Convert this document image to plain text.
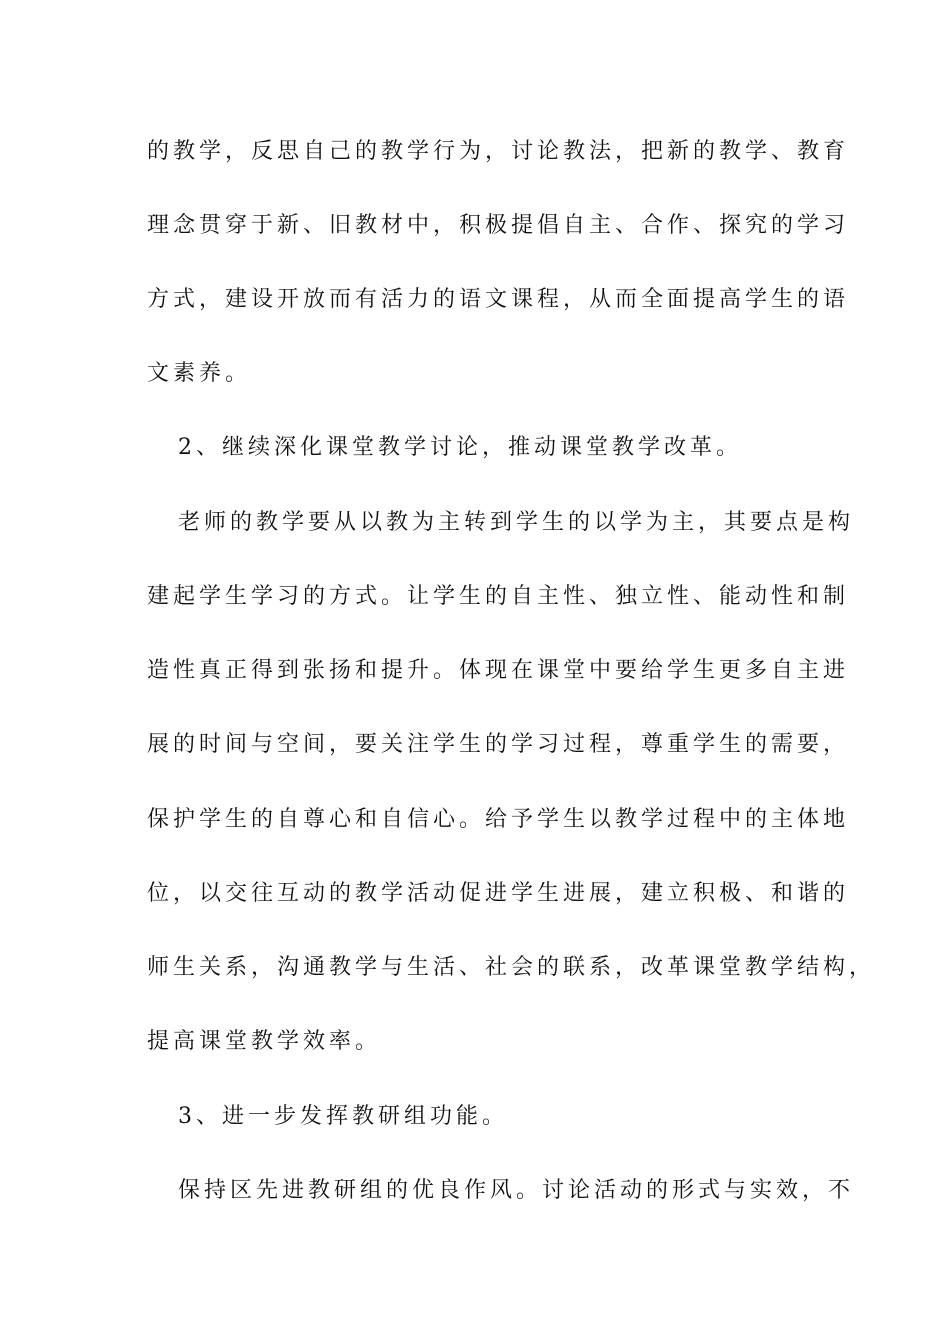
的教学，反思自己的教学行为，讨论教法，把新的教学、教育
理念贯穿于新、旧教材中，积极提倡自主、合作、探究的学习
方式，建设开放而有活力的语文课程，从而全面提高学生的语
文素养。
2、继续深化课堂教学讨论，推动课堂教学改革。
老师的教学要从以教为主转到学生的以学为主，其要点是构
建起学生学习的方式。让学生的自主性、独立性、能动性和制
造性真正得到张扬和提升。体现在课堂中要给学生更多自主进
展的时间与空间，要关注学生的学习过程，尊重学生的需要，
保护学生的自尊心和自信心。给予学生以教学过程中的主体地
位，以交往互动的教学活动促进学生进展，建立积极、和谐的
师生关系，沟通教学与生活、社会的联系，改革课堂教学结构，
提高课堂教学效率。
3、进一步发挥教研组功能。
保持区先进教研组的优良作风。讨论活动的形式与实效，不
